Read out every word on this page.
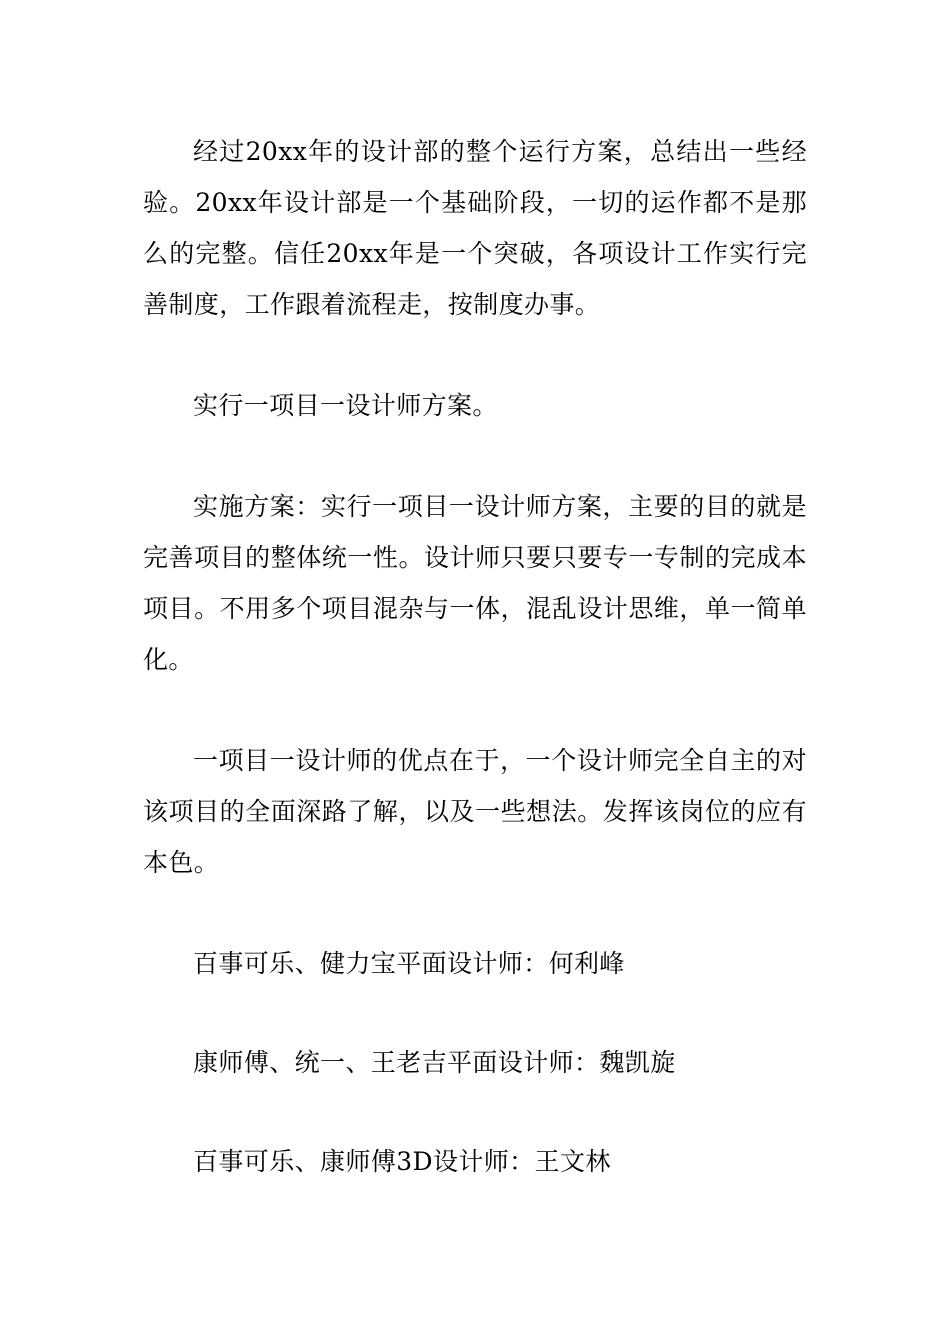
经过20xx年的设计部的整个运行方案，总结出一些经验。20xx年设计部是一个基础阶段，一切的运作都不是那么的完整。信任20xx年是一个突破，各项设计工作实行完善制度，工作跟着流程走，按制度办事。

实行一项目一设计师方案。

实施方案：实行一项目一设计师方案，主要的目的就是完善项目的整体统一性。设计师只要只要专一专制的完成本项目。不用多个项目混杂与一体，混乱设计思维，单一简单化。

一项目一设计师的优点在于，一个设计师完全自主的对该项目的全面深路了解，以及一些想法。发挥该岗位的应有本色。

百事可乐、健力宝平面设计师：何利峰

康师傅、统一、王老吉平面设计师：魏凯旋

百事可乐、康师傅3D设计师：王文林
